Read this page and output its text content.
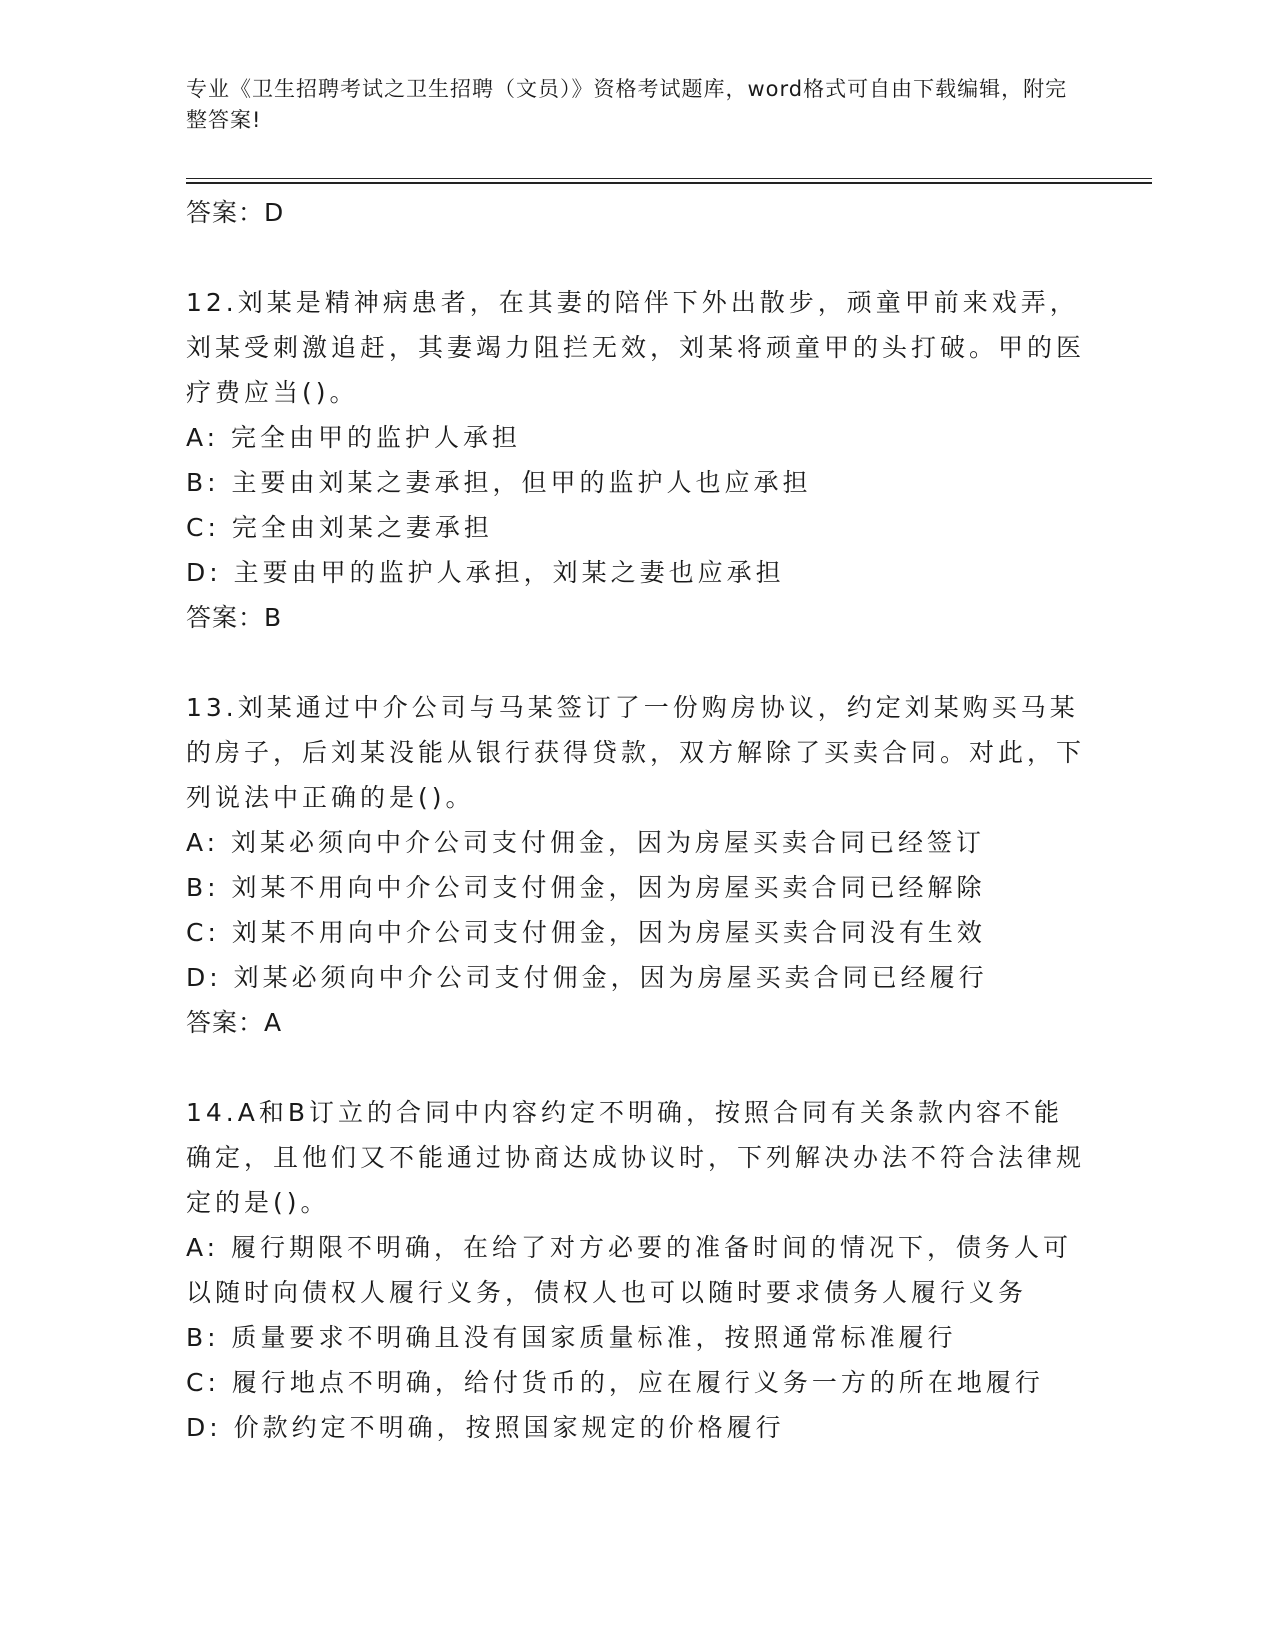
专业《卫生招聘考试之卫生招聘（文员）》资格考试题库，word格式可自由下载编辑，附完整答案!
答案：D
12.刘某是精神病患者，在其妻的陪伴下外出散步，顽童甲前来戏弄，刘某受刺激追赶，其妻竭力阻拦无效，刘某将顽童甲的头打破。甲的医疗费应当()。
A: 完全由甲的监护人承担
B: 主要由刘某之妻承担，但甲的监护人也应承担
C: 完全由刘某之妻承担
D: 主要由甲的监护人承担，刘某之妻也应承担
答案：B
13.刘某通过中介公司与马某签订了一份购房协议，约定刘某购买马某的房子，后刘某没能从银行获得贷款，双方解除了买卖合同。对此，下列说法中正确的是()。
A: 刘某必须向中介公司支付佣金，因为房屋买卖合同已经签订
B: 刘某不用向中介公司支付佣金，因为房屋买卖合同已经解除
C: 刘某不用向中介公司支付佣金，因为房屋买卖合同没有生效
D: 刘某必须向中介公司支付佣金，因为房屋买卖合同已经履行
答案：A
14.A和B订立的合同中内容约定不明确，按照合同有关条款内容不能确定，且他们又不能通过协商达成协议时，下列解决办法不符合法律规定的是()。
A: 履行期限不明确，在给了对方必要的准备时间的情况下，债务人可以随时向债权人履行义务，债权人也可以随时要求债务人履行义务
B: 质量要求不明确且没有国家质量标准，按照通常标准履行
C: 履行地点不明确，给付货币的，应在履行义务一方的所在地履行
D: 价款约定不明确，按照国家规定的价格履行
